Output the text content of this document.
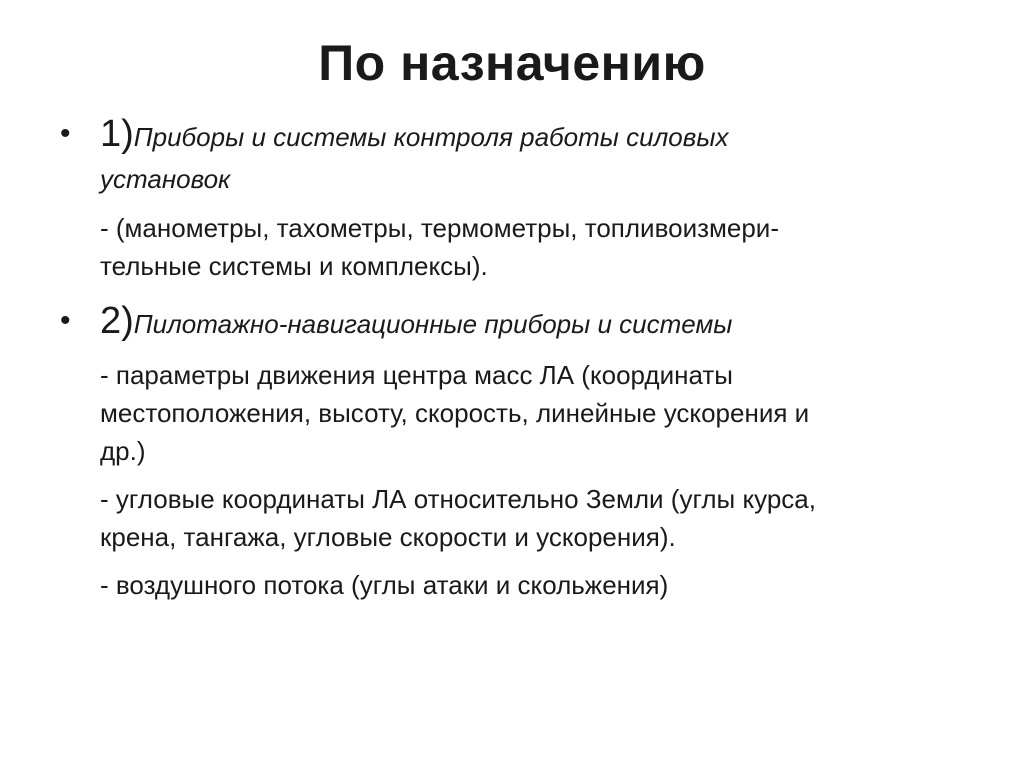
По назначению
• 1)Приборы и системы контроля работы силовых
установок
- (манометры, тахометры, термометры, топливоизмери-
тельные системы и комплексы).
• 2)Пилотажно-навигационные приборы и системы
- параметры движения центра масс ЛА (координаты
местоположения, высоту, скорость, линейные ускорения и
др.)
- угловые координаты ЛА относительно Земли (углы курса,
крена, тангажа, угловые скорости и ускорения).
- воздушного потока (углы атаки и скольжения)
